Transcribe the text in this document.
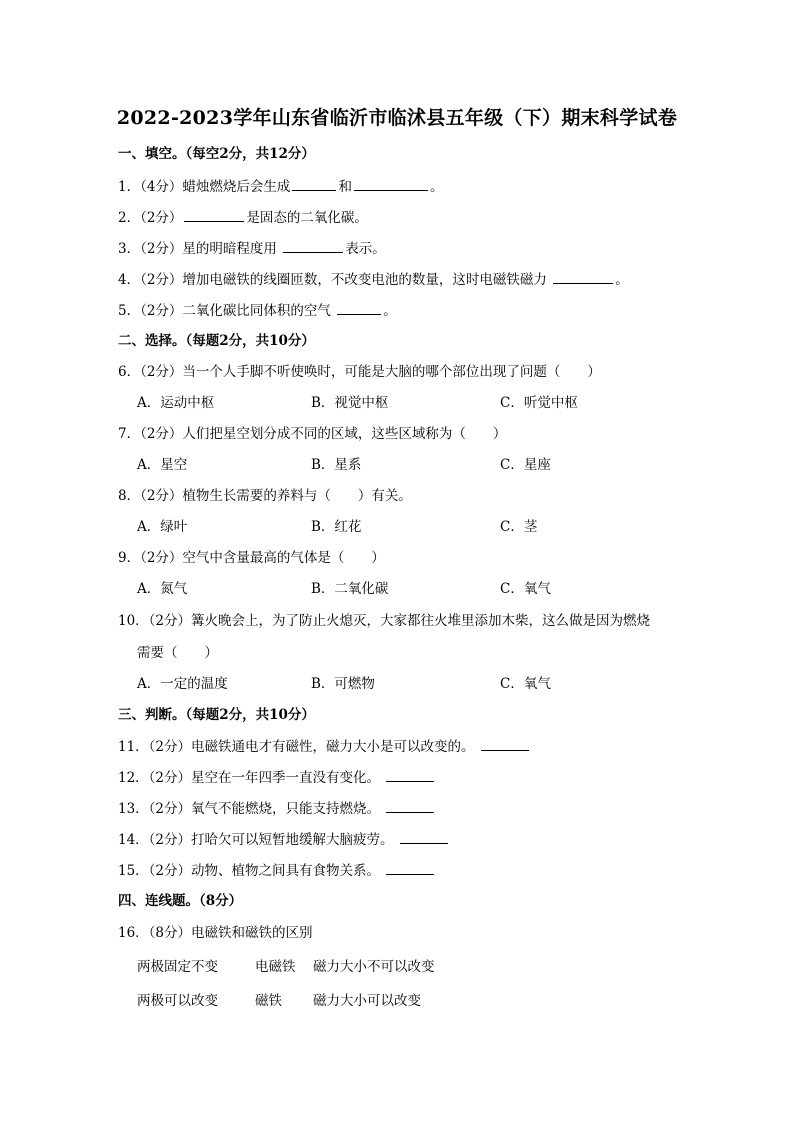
2022-2023学年山东省临沂市临沭县五年级（下）期末科学试卷
一、填空。（每空2分，共12分）
1．（4分）蜡烛燃烧后会生成	和	。
2．（2分）	是固态的二氧化碳。
3．（2分）星的明暗程度用	表示。
4．（2分）增加电磁铁的线圈匝数，不改变电池的数量，这时电磁铁磁力	。
5．（2分）二氧化碳比同体积的空气	。
二、选择。（每题2分，共10分）
6．（2分）当一个人手脚不听使唤时，可能是大脑的哪个部位出现了问题（　　）
A．运动中枢	B．视觉中枢	C．听觉中枢
7．（2分）人们把星空划分成不同的区域，这些区域称为（　　）
A．星空	B．星系	C．星座
8．（2分）植物生长需要的养料与（　　）有关。
A．绿叶	B．红花	C．茎
9．（2分）空气中含量最高的气体是（　　）
A．氮气	B．二氧化碳	C．氧气
10．（2分）篝火晚会上，为了防止火熄灭，大家都往火堆里添加木柴，这么做是因为燃烧
需要（　　）
A．一定的温度	B．可燃物	C．氧气
三、判断。（每题2分，共10分）
11．（2分）电磁铁通电才有磁性，磁力大小是可以改变的。
12．（2分）星空在一年四季一直没有变化。
13．（2分）氧气不能燃烧，只能支持燃烧。
14．（2分）打哈欠可以短暂地缓解大脑疲劳。
15．（2分）动物、植物之间具有食物关系。
四、连线题。（8分）
16．（8分）电磁铁和磁铁的区别
两极固定不变	电磁铁 磁力大小不可以改变
两极可以改变	磁铁 磁力大小可以改变
